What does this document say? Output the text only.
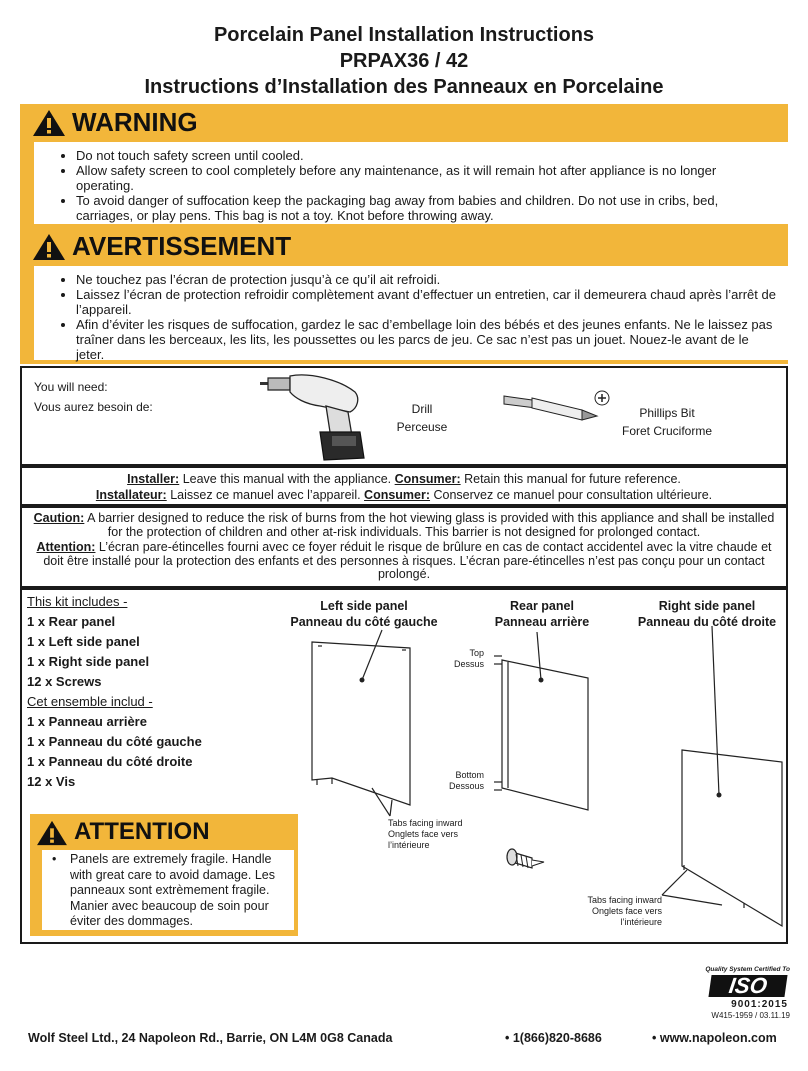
Porcelain Panel Installation Instructions
PRPAX36 / 42
Instructions d’Installation des Panneaux en Porcelaine
WARNING
• Do not touch safety screen until cooled.
• Allow safety screen to cool completely before any maintenance, as it will remain hot after appliance is no longer operating.
• To avoid danger of suffocation keep the packaging bag away from babies and children. Do not use in cribs, bed, carriages, or play pens. This bag is not a toy. Knot before throwing away.
AVERTISSEMENT
• Ne touchez pas l’écran de protection jusqu’à ce qu’il ait refroidi.
• Laissez l’écran de protection refroidir complètement avant d’effectuer un entretien, car il demeurera chaud après l’arrêt de l’appareil.
• Afin d’éviter les risques de suffocation, gardez le sac d’embellage loin des bébés et des jeunes enfants. Ne le laissez pas traîner dans les berceaux, les lits, les poussettes ou les parcs de jeu. Ce sac n’est pas un jouet. Nouez-le avant de le jeter.
You will need:
Vous aurez besoin de:	Drill
Perceuse
Phillips Bit
Foret Cruciforme
Installer: Leave this manual with the appliance. Consumer: Retain this manual for future reference.
Installateur: Laissez ce manuel avec l’appareil. Consumer: Conservez ce manuel pour consultation ultérieure.
Caution: A barrier designed to reduce the risk of burns from the hot viewing glass is provided with this appliance and shall be installed for the protection of children and other at-risk individuals. This barrier is not designed for prolonged contact.
Attention: L’écran pare-étincelles fourni avec ce foyer réduit le risque de brûlure en cas de contact accidentel avec la vitre chaude et doit être installé pour la protection des enfants et des personnes à risques. L’écran pare-étincelles n’est pas conçu pour un contact prolongé.
This kit includes -
1 x Rear panel
1 x Left side panel
1 x Right side panel
12 x Screws
Cet ensemble includ -
1 x Panneau arrière
1 x Panneau du côté gauche
1 x Panneau du côté droite
12 x Vis
Left side panel
Panneau du côté gauche
Rear panel
Panneau arrière
Right side panel
Panneau du côté droite
Top
Dessus
Bottom
Dessous
Tabs facing inward
Onglets face vers
l’intérieure
Tabs facing inward
Onglets face vers
l’intérieure
ATTENTION
• Panels are extremely fragile. Handle with great care to avoid damage. Les panneaux sont extrèmement fragile. Manier avec beaucoup de soin pour éviter des dommages.
Quality System Certified To
ISO
9001:2015
W415-1959 / 03.11.19
Wolf Steel Ltd., 24 Napoleon Rd., Barrie, ON L4M 0G8 Canada	• 1(866)820-8686	• www.napoleon.com
